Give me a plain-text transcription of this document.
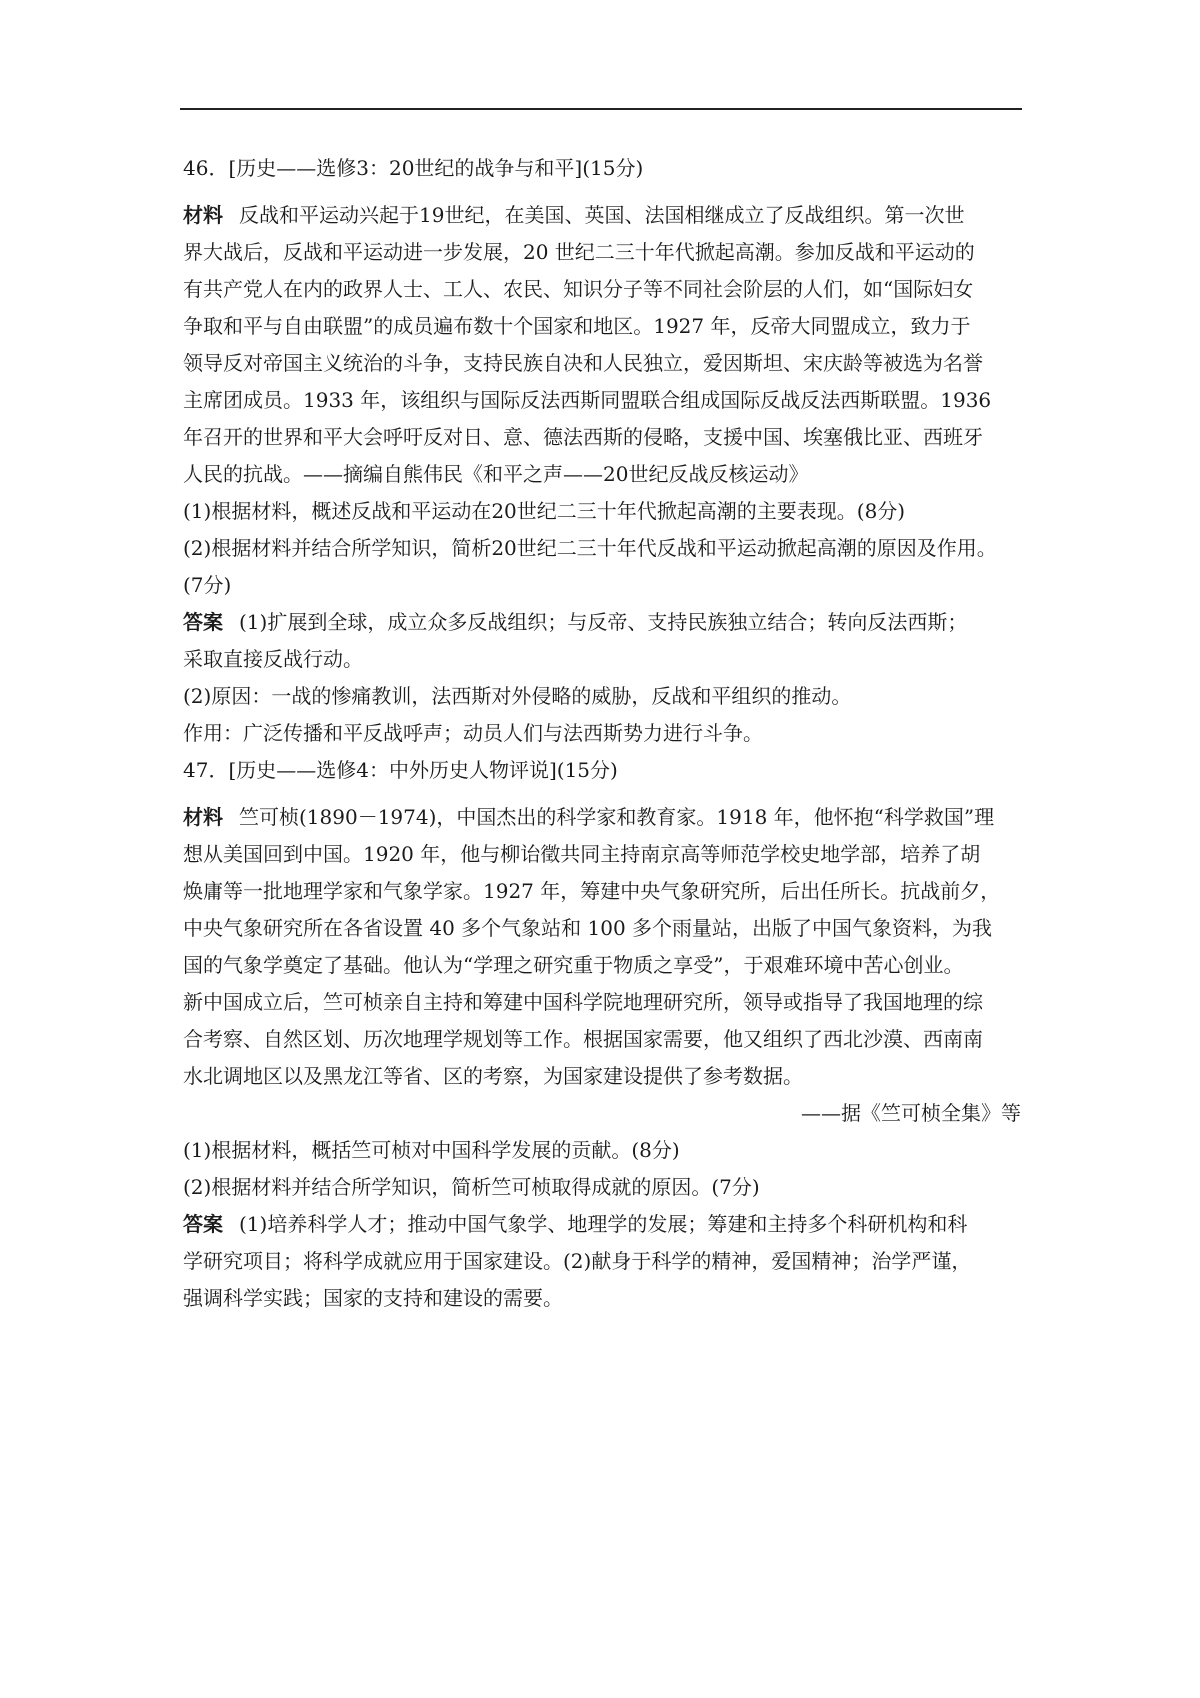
46．[历史——选修3：20世纪的战争与和平](15分)
材料 反战和平运动兴起于19世纪，在美国、英国、法国相继成立了反战组织。第一次世
界大战后，反战和平运动进一步发展，20 世纪二三十年代掀起高潮。参加反战和平运动的
有共产党人在内的政界人士、工人、农民、知识分子等不同社会阶层的人们，如“国际妇女
争取和平与自由联盟”的成员遍布数十个国家和地区。1927 年，反帝大同盟成立，致力于
领导反对帝国主义统治的斗争，支持民族自决和人民独立，爱因斯坦、宋庆龄等被选为名誉
主席团成员。1933 年，该组织与国际反法西斯同盟联合组成国际反战反法西斯联盟。1936
年召开的世界和平大会呼吁反对日、意、德法西斯的侵略，支援中国、埃塞俄比亚、西班牙
人民的抗战。——摘编自熊伟民《和平之声——20世纪反战反核运动》
(1)根据材料，概述反战和平运动在20世纪二三十年代掀起高潮的主要表现。(8分)
(2)根据材料并结合所学知识，简析20世纪二三十年代反战和平运动掀起高潮的原因及作用。
(7分)
答案 (1)扩展到全球，成立众多反战组织；与反帝、支持民族独立结合；转向反法西斯；
采取直接反战行动。
(2)原因：一战的惨痛教训，法西斯对外侵略的威胁，反战和平组织的推动。
作用：广泛传播和平反战呼声；动员人们与法西斯势力进行斗争。
47．[历史——选修4：中外历史人物评说](15分)
材料 竺可桢(1890－1974)，中国杰出的科学家和教育家。1918 年，他怀抱“科学救国”理
想从美国回到中国。1920 年，他与柳诒徵共同主持南京高等师范学校史地学部，培养了胡
焕庸等一批地理学家和气象学家。1927 年，筹建中央气象研究所，后出任所长。抗战前夕，
中央气象研究所在各省设置 40 多个气象站和 100 多个雨量站，出版了中国气象资料，为我
国的气象学奠定了基础。他认为“学理之研究重于物质之享受”，于艰难环境中苦心创业。
新中国成立后，竺可桢亲自主持和筹建中国科学院地理研究所，领导或指导了我国地理的综
合考察、自然区划、历次地理学规划等工作。根据国家需要，他又组织了西北沙漠、西南南
水北调地区以及黑龙江等省、区的考察，为国家建设提供了参考数据。
——据《竺可桢全集》等
(1)根据材料，概括竺可桢对中国科学发展的贡献。(8分)
(2)根据材料并结合所学知识，简析竺可桢取得成就的原因。(7分)
答案 (1)培养科学人才；推动中国气象学、地理学的发展；筹建和主持多个科研机构和科
学研究项目；将科学成就应用于国家建设。(2)献身于科学的精神，爱国精神；治学严谨，
强调科学实践；国家的支持和建设的需要。
